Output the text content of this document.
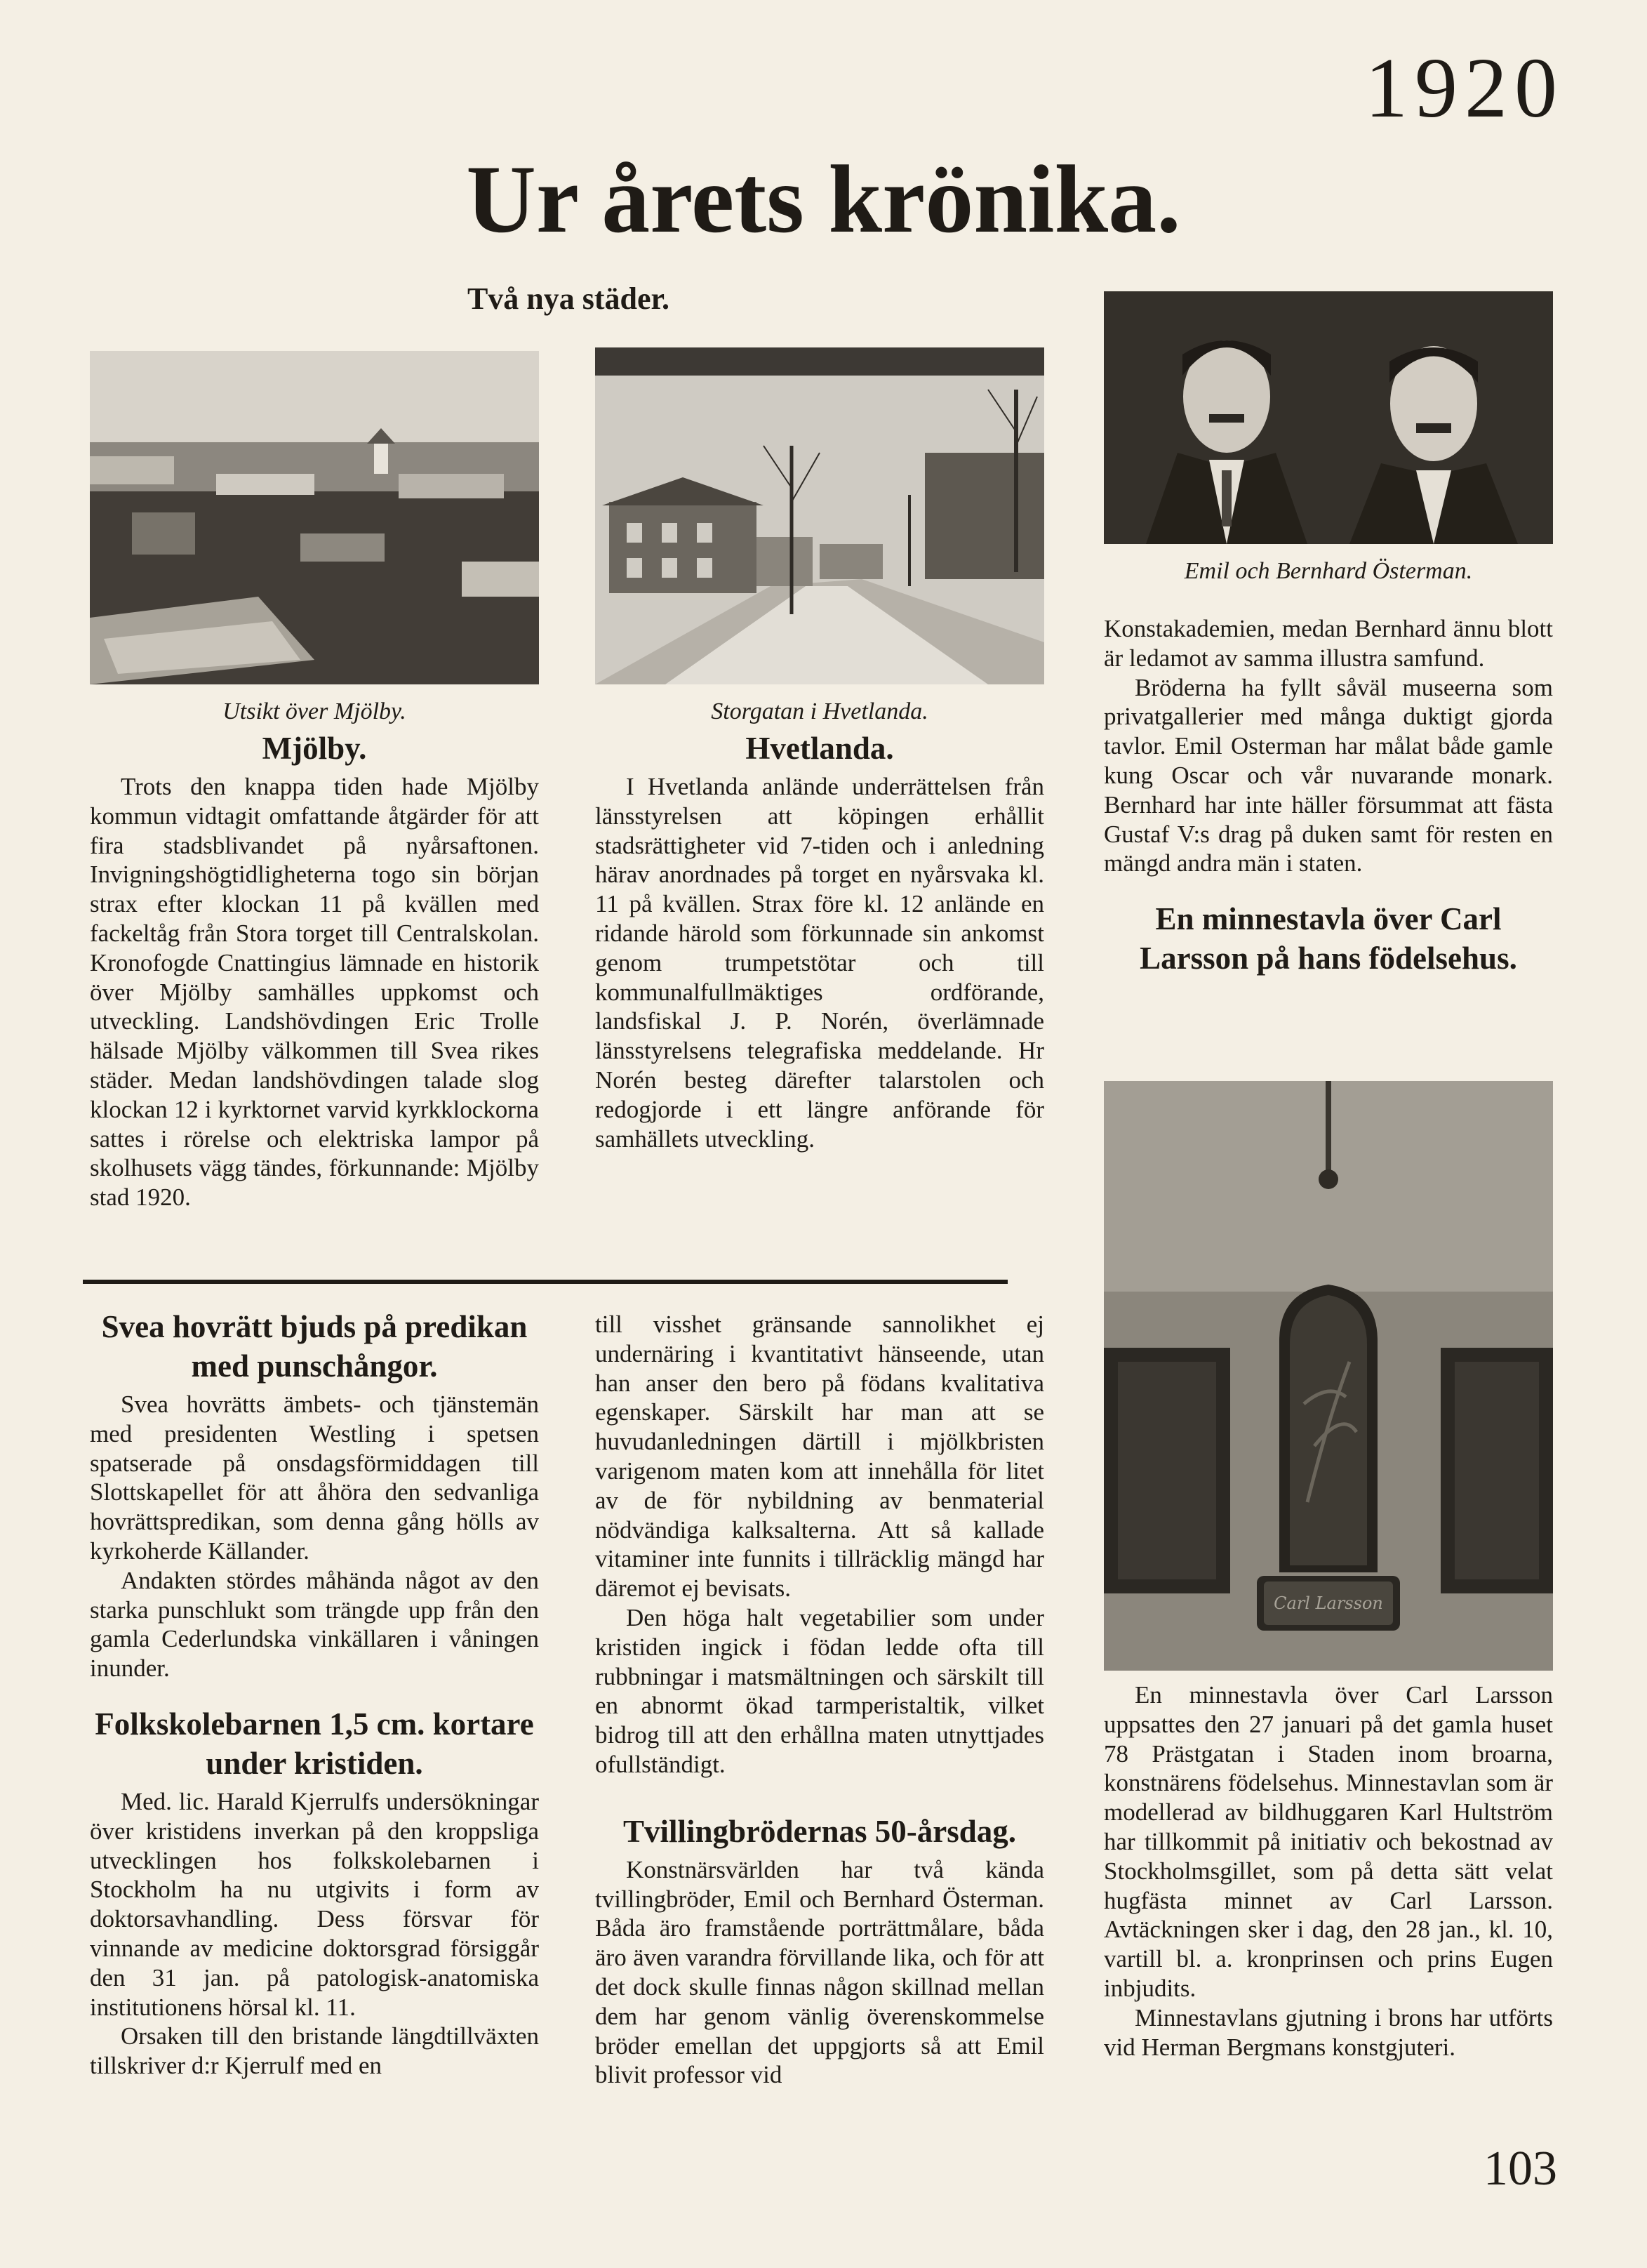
1920
Ur årets krönika.
Två nya städer.
Utsikt över Mjölby.	Storgatan i Hvetlanda.
Emil och Bernhard Österman.
Carl Larsson
Mjölby.

Trots den knappa tiden hade Mjölby kommun vidtagit omfattande åtgärder för att fira stadsblivandet på nyårsaftonen. Invigningshögtidligheterna togo sin början strax efter klockan 11 på kvällen med fackeltåg från Stora torget till Centralskolan. Kronofogde Cnattingius lämnade en historik över Mjölby samhälles uppkomst och utveckling. Landshövdingen Eric Trolle hälsade Mjölby välkommen till Svea rikes städer. Medan landshövdingen talade slog klockan 12 i kyrktornet varvid kyrkklockorna sattes i rörelse och elektriska lampor på skolhusets vägg tändes, förkunnande: Mjölby stad 1920.

Hvetlanda.

I Hvetlanda anlände underrättelsen från länsstyrelsen att köpingen erhållit stadsrättigheter vid 7-tiden och i anledning härav anordnades på torget en nyårsvaka kl. 11 på kvällen. Strax före kl. 12 anlände en ridande härold som förkunnade sin ankomst genom trumpetstötar och till kommunalfullmäktiges ordförande, landsfiskal J. P. Norén, överlämnade länsstyrelsens telegrafiska meddelande. Hr Norén besteg därefter talarstolen och redogjorde i ett längre anförande för samhällets utveckling.

Konstakademien, medan Bernhard ännu blott är ledamot av samma illustra samfund.

Bröderna ha fyllt såväl museerna som privatgallerier med många duktigt gjorda tavlor. Emil Osterman har målat både gamle kung Oscar och vår nuvarande monark. Bernhard har inte häller försummat att fästa Gustaf V:s drag på duken samt för resten en mängd andra män i staten.

En minnestavla över Carl Larsson på hans födelsehus.

En minnestavla över Carl Larsson uppsattes den 27 januari på det gamla huset 78 Prästgatan i Staden inom broarna, konstnärens födelsehus. Minnestavlan som är modellerad av bildhuggaren Karl Hultström har tillkommit på initiativ och bekostnad av Stockholmsgillet, som på detta sätt velat hugfästa minnet av Carl Larsson. Avtäckningen sker i dag, den 28 jan., kl. 10, vartill bl. a. kronprinsen och prins Eugen inbjudits.

Minnestavlans gjutning i brons har utförts vid Herman Bergmans konstgjuteri.

Svea hovrätt bjuds på predikan med punschångor.

Svea hovrätts ämbets- och tjänstemän med presidenten Westling i spetsen spatserade på onsdagsförmiddagen till Slottskapellet för att åhöra den sedvanliga hovrättspredikan, som denna gång hölls av kyrkoherde Källander.

Andakten stördes måhända något av den starka punschlukt som trängde upp från den gamla Cederlundska vinkällaren i våningen inunder.

Folkskolebarnen 1,5 cm. kortare under kristiden.

Med. lic. Harald Kjerrulfs undersökningar över kristidens inverkan på den kroppsliga utvecklingen hos folkskolebarnen i Stockholm ha nu utgivits i form av doktorsavhandling. Dess försvar för vinnande av medicine doktorsgrad försiggår den 31 jan. på patologisk-anatomiska institutionens hörsal kl. 11.

Orsaken till den bristande längdtillväxten tillskriver d:r Kjerrulf med en

till visshet gränsande sannolikhet ej undernäring i kvantitativt hänseende, utan han anser den bero på födans kvalitativa egenskaper. Särskilt har man att se huvudanledningen därtill i mjölkbristen varigenom maten kom att innehålla för litet av de för nybildning av benmaterial nödvändiga kalksalterna. Att så kallade vitaminer inte funnits i tillräcklig mängd har däremot ej bevisats.

Den höga halt vegetabilier som under kristiden ingick i födan ledde ofta till rubbningar i matsmältningen och särskilt till en abnormt ökad tarmperistaltik, vilket bidrog till att den erhållna maten utnyttjades ofullständigt.

Tvillingbrödernas 50-årsdag.

Konstnärsvärlden har två kända tvillingbröder, Emil och Bernhard Österman. Båda äro framstående porträttmålare, båda äro även varandra förvillande lika, och för att det dock skulle finnas någon skillnad mellan dem har genom vänlig överenskommelse bröder emellan det uppgjorts så att Emil blivit professor vid

103
